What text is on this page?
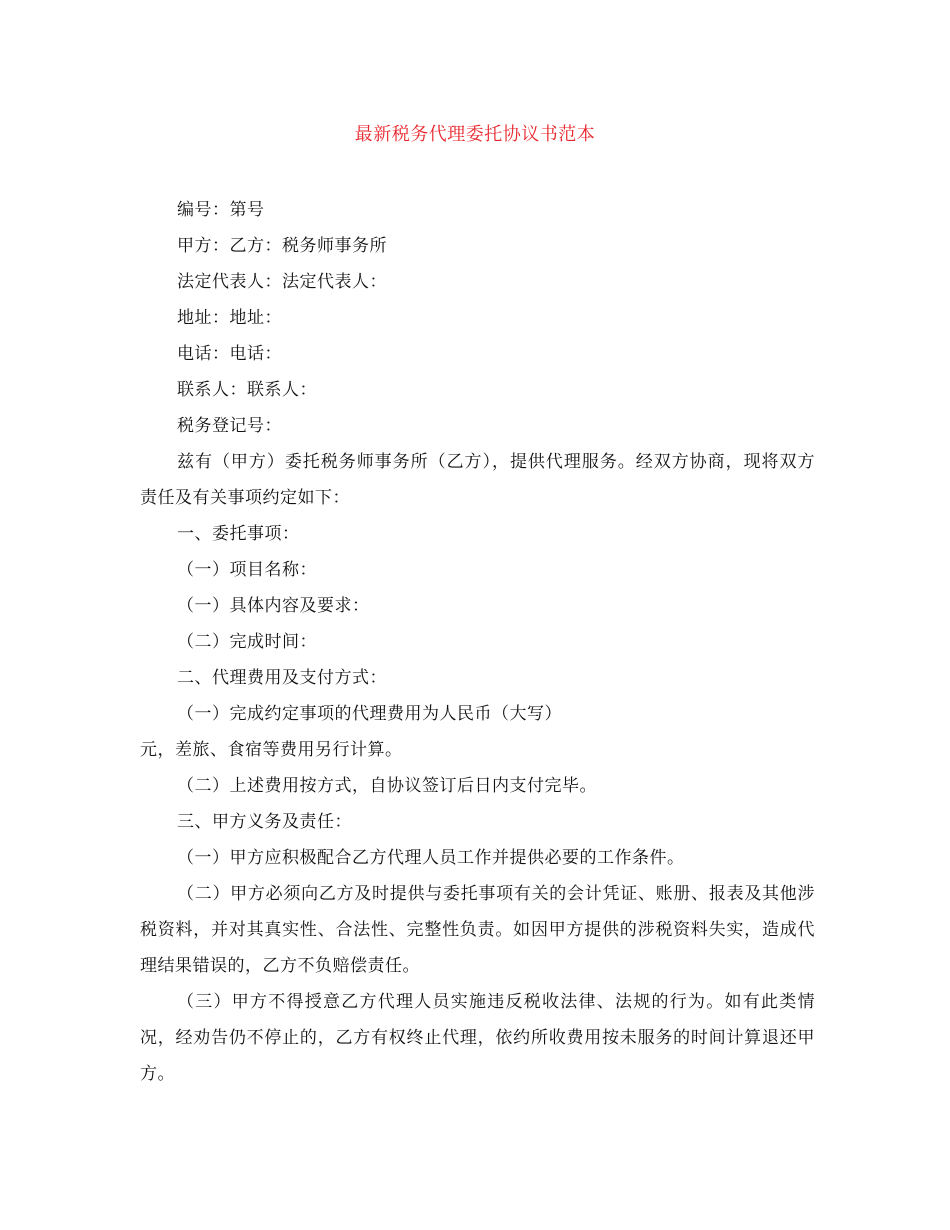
最新税务代理委托协议书范本

编号：第号

甲方：乙方：税务师事务所

法定代表人：法定代表人：

地址：地址：

电话：电话：

联系人：联系人：

税务登记号：

兹有（甲方）委托税务师事务所（乙方），提供代理服务。经双方协商，现将双方责任及有关事项约定如下：

一、委托事项：

（一）项目名称：

（一）具体内容及要求：

（二）完成时间：

二、代理费用及支付方式：

（一）完成约定事项的代理费用为人民币（大写）

元，差旅、食宿等费用另行计算。

（二）上述费用按方式，自协议签订后日内支付完毕。

三、甲方义务及责任：

（一）甲方应积极配合乙方代理人员工作并提供必要的工作条件。

（二）甲方必须向乙方及时提供与委托事项有关的会计凭证、账册、报表及其他涉税资料，并对其真实性、合法性、完整性负责。如因甲方提供的涉税资料失实，造成代理结果错误的，乙方不负赔偿责任。

（三）甲方不得授意乙方代理人员实施违反税收法律、法规的行为。如有此类情况，经劝告仍不停止的，乙方有权终止代理，依约所收费用按未服务的时间计算退还甲方。
